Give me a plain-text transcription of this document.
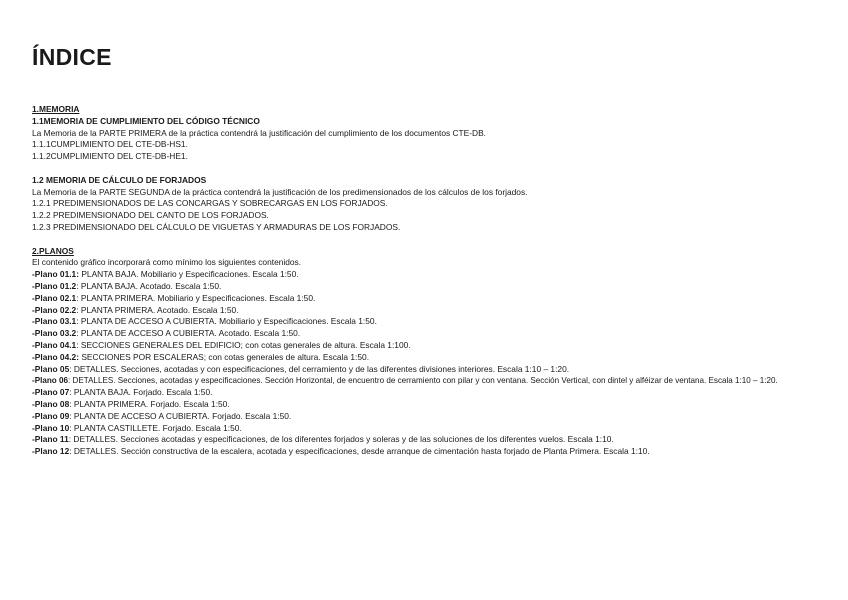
ÍNDICE
1.MEMORIA
1.1MEMORIA DE CUMPLIMIENTO DEL CÓDIGO TÉCNICO
La Memoria de la PARTE PRIMERA de la práctica contendrá la justificación del cumplimiento de los documentos CTE-DB.
1.1.1CUMPLIMIENTO DEL CTE-DB-HS1.
1.1.2CUMPLIMIENTO DEL CTE-DB-HE1.
1.2 MEMORIA DE CÁLCULO DE FORJADOS
La Memoria de la PARTE SEGUNDA de la práctica contendrá la justificación de los predimensionados de los cálculos de los forjados.
1.2.1 PREDIMENSIONADOS DE LAS CONCARGAS Y SOBRECARGAS EN LOS FORJADOS.
1.2.2 PREDIMENSIONADO DEL CANTO DE LOS FORJADOS.
1.2.3 PREDIMENSIONADO DEL CÁLCULO DE VIGUETAS Y ARMADURAS DE LOS FORJADOS.
2.PLANOS
El contenido gráfico incorporará como mínimo los siguientes contenidos.
-Plano 01.1: PLANTA BAJA. Mobiliario y Especificaciones. Escala 1:50.
-Plano 01.2: PLANTA BAJA. Acotado. Escala 1:50.
-Plano 02.1: PLANTA PRIMERA. Mobiliario y Especificaciones. Escala 1:50.
-Plano 02.2: PLANTA PRIMERA. Acotado. Escala 1:50.
-Plano 03.1: PLANTA DE ACCESO A CUBIERTA. Mobiliario y Especificaciones. Escala 1:50.
-Plano 03.2: PLANTA DE ACCESO A CUBIERTA. Acotado. Escala 1:50.
-Plano 04.1: SECCIONES GENERALES DEL EDIFICIO; con cotas generales de altura. Escala 1:100.
-Plano 04.2: SECCIONES POR ESCALERAS; con cotas generales de altura. Escala 1:50.
-Plano 05: DETALLES. Secciones, acotadas y con especificaciones, del cerramiento y de las diferentes divisiones interiores. Escala 1:10 – 1:20.
-Plano 06: DETALLES. Secciones, acotadas y especificaciones. Sección Horizontal, de encuentro de cerramiento con pilar y con ventana. Sección Vertical, con dintel y alféizar de ventana. Escala 1:10 – 1:20.
-Plano 07: PLANTA BAJA. Forjado. Escala 1:50.
-Plano 08: PLANTA PRIMERA. Forjado. Escala 1:50.
-Plano 09: PLANTA DE ACCESO A CUBIERTA. Forjado. Escala 1:50.
-Plano 10: PLANTA CASTILLETE. Forjado. Escala 1:50.
-Plano 11: DETALLES. Secciones acotadas y especificaciones, de los diferentes forjados y soleras y de las soluciones de los diferentes vuelos. Escala 1:10.
-Plano 12: DETALLES. Sección constructiva de la escalera, acotada y especificaciones, desde arranque de cimentación hasta forjado de Planta Primera. Escala 1:10.
